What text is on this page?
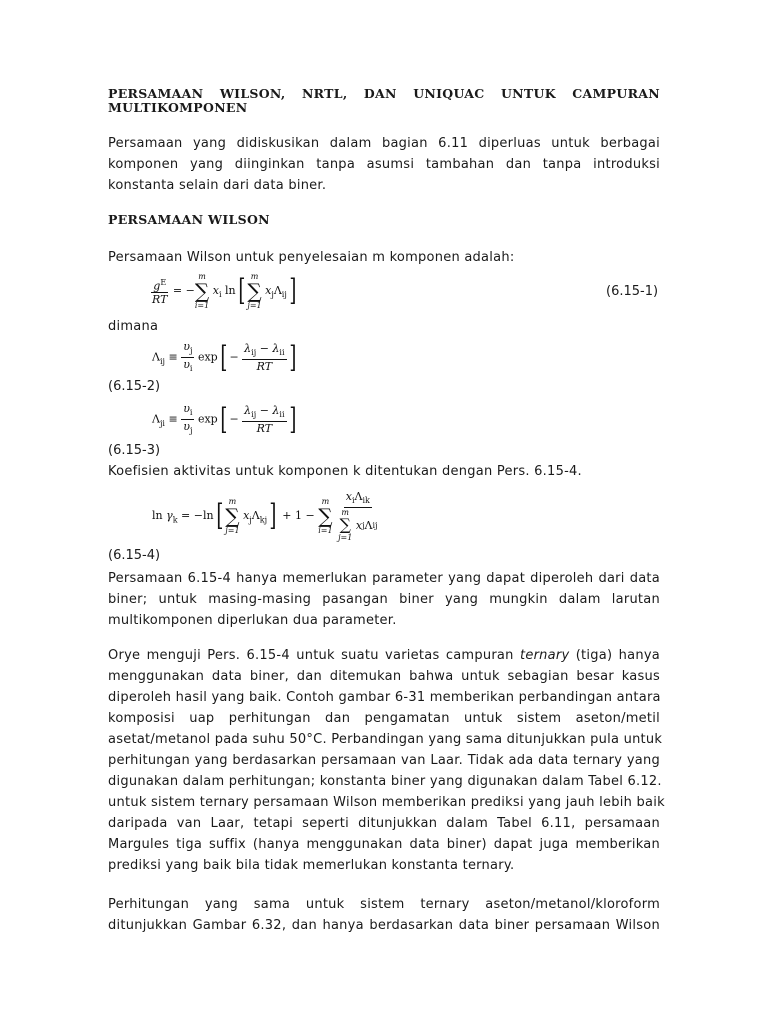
PERSAMAAN WILSON, NRTL, DAN UNIQUAC UNTUK CAMPURAN

MULTIKOMPONEN

Persamaan yang didiskusikan dalam bagian 6.11 diperluas untuk berbagai
komponen yang diinginkan tanpa asumsi tambahan dan tanpa introduksi
konstanta selain dari data biner.

PERSAMAAN WILSON

Persamaan Wilson untuk penyelesaian m komponen adalah:

$\frac{g^E}{RT}$ = −
m
∑
i=1
$x_i$ ln[ m
∑
j=1
$x_j\Lambda_{ij}$]	(6.15-1)

dimana

$\Lambda_{ij} \equiv \frac{\upsilon_j}{\upsilon_i} \exp[ - \frac{\lambda_{ij} - \lambda_{ii}}{RT}$ ]
(6.15-2)
$\Lambda_{ji} \equiv \frac{\upsilon_i}{\upsilon_j} \exp[ - \frac{\lambda_{ij} - \lambda_{ii}}{RT}$ ]
(6.15-3)

Koefisien aktivitas untuk komponen k ditentukan dengan Pers. 6.15-4.

$\ln \gamma_k = -\ln$[ m
∑
j=1
$x_j\Lambda_{kj}] + 1$ −
m
∑
i=1
$x_i\Lambda_{ik}$
m
∑
j=1

x j Λ ij
(6.15-4)
Persamaan 6.15-4 hanya memerlukan parameter yang dapat diperoleh dari data
biner; untuk masing-masing pasangan biner yang mungkin dalam larutan
multikomponen diperlukan dua parameter.
Orye menguji Pers. 6.15-4 untuk suatu varietas campuran ternary (tiga) hanya
menggunakan data biner, dan ditemukan bahwa untuk sebagian besar kasus
diperoleh hasil yang baik. Contoh gambar 6-31 memberikan perbandingan antara
komposisi uap perhitungan dan pengamatan untuk sistem aseton/metil
asetat/metanol pada suhu 50°C. Perbandingan yang sama ditunjukkan pula untuk
perhitungan yang berdasarkan persamaan van Laar. Tidak ada data ternary yang
digunakan dalam perhitungan; konstanta biner yang digunakan dalam Tabel 6.12.
untuk sistem ternary persamaan Wilson memberikan prediksi yang jauh lebih baik
daripada van Laar, tetapi seperti ditunjukkan dalam Tabel 6.11, persamaan
Margules tiga suffix (hanya menggunakan data biner) dapat juga memberikan
prediksi yang baik bila tidak memerlukan konstanta ternary.
Perhitungan yang sama untuk sistem ternary aseton/metanol/kloroform
ditunjukkan Gambar 6.32, dan hanya berdasarkan data biner persamaan Wilson
